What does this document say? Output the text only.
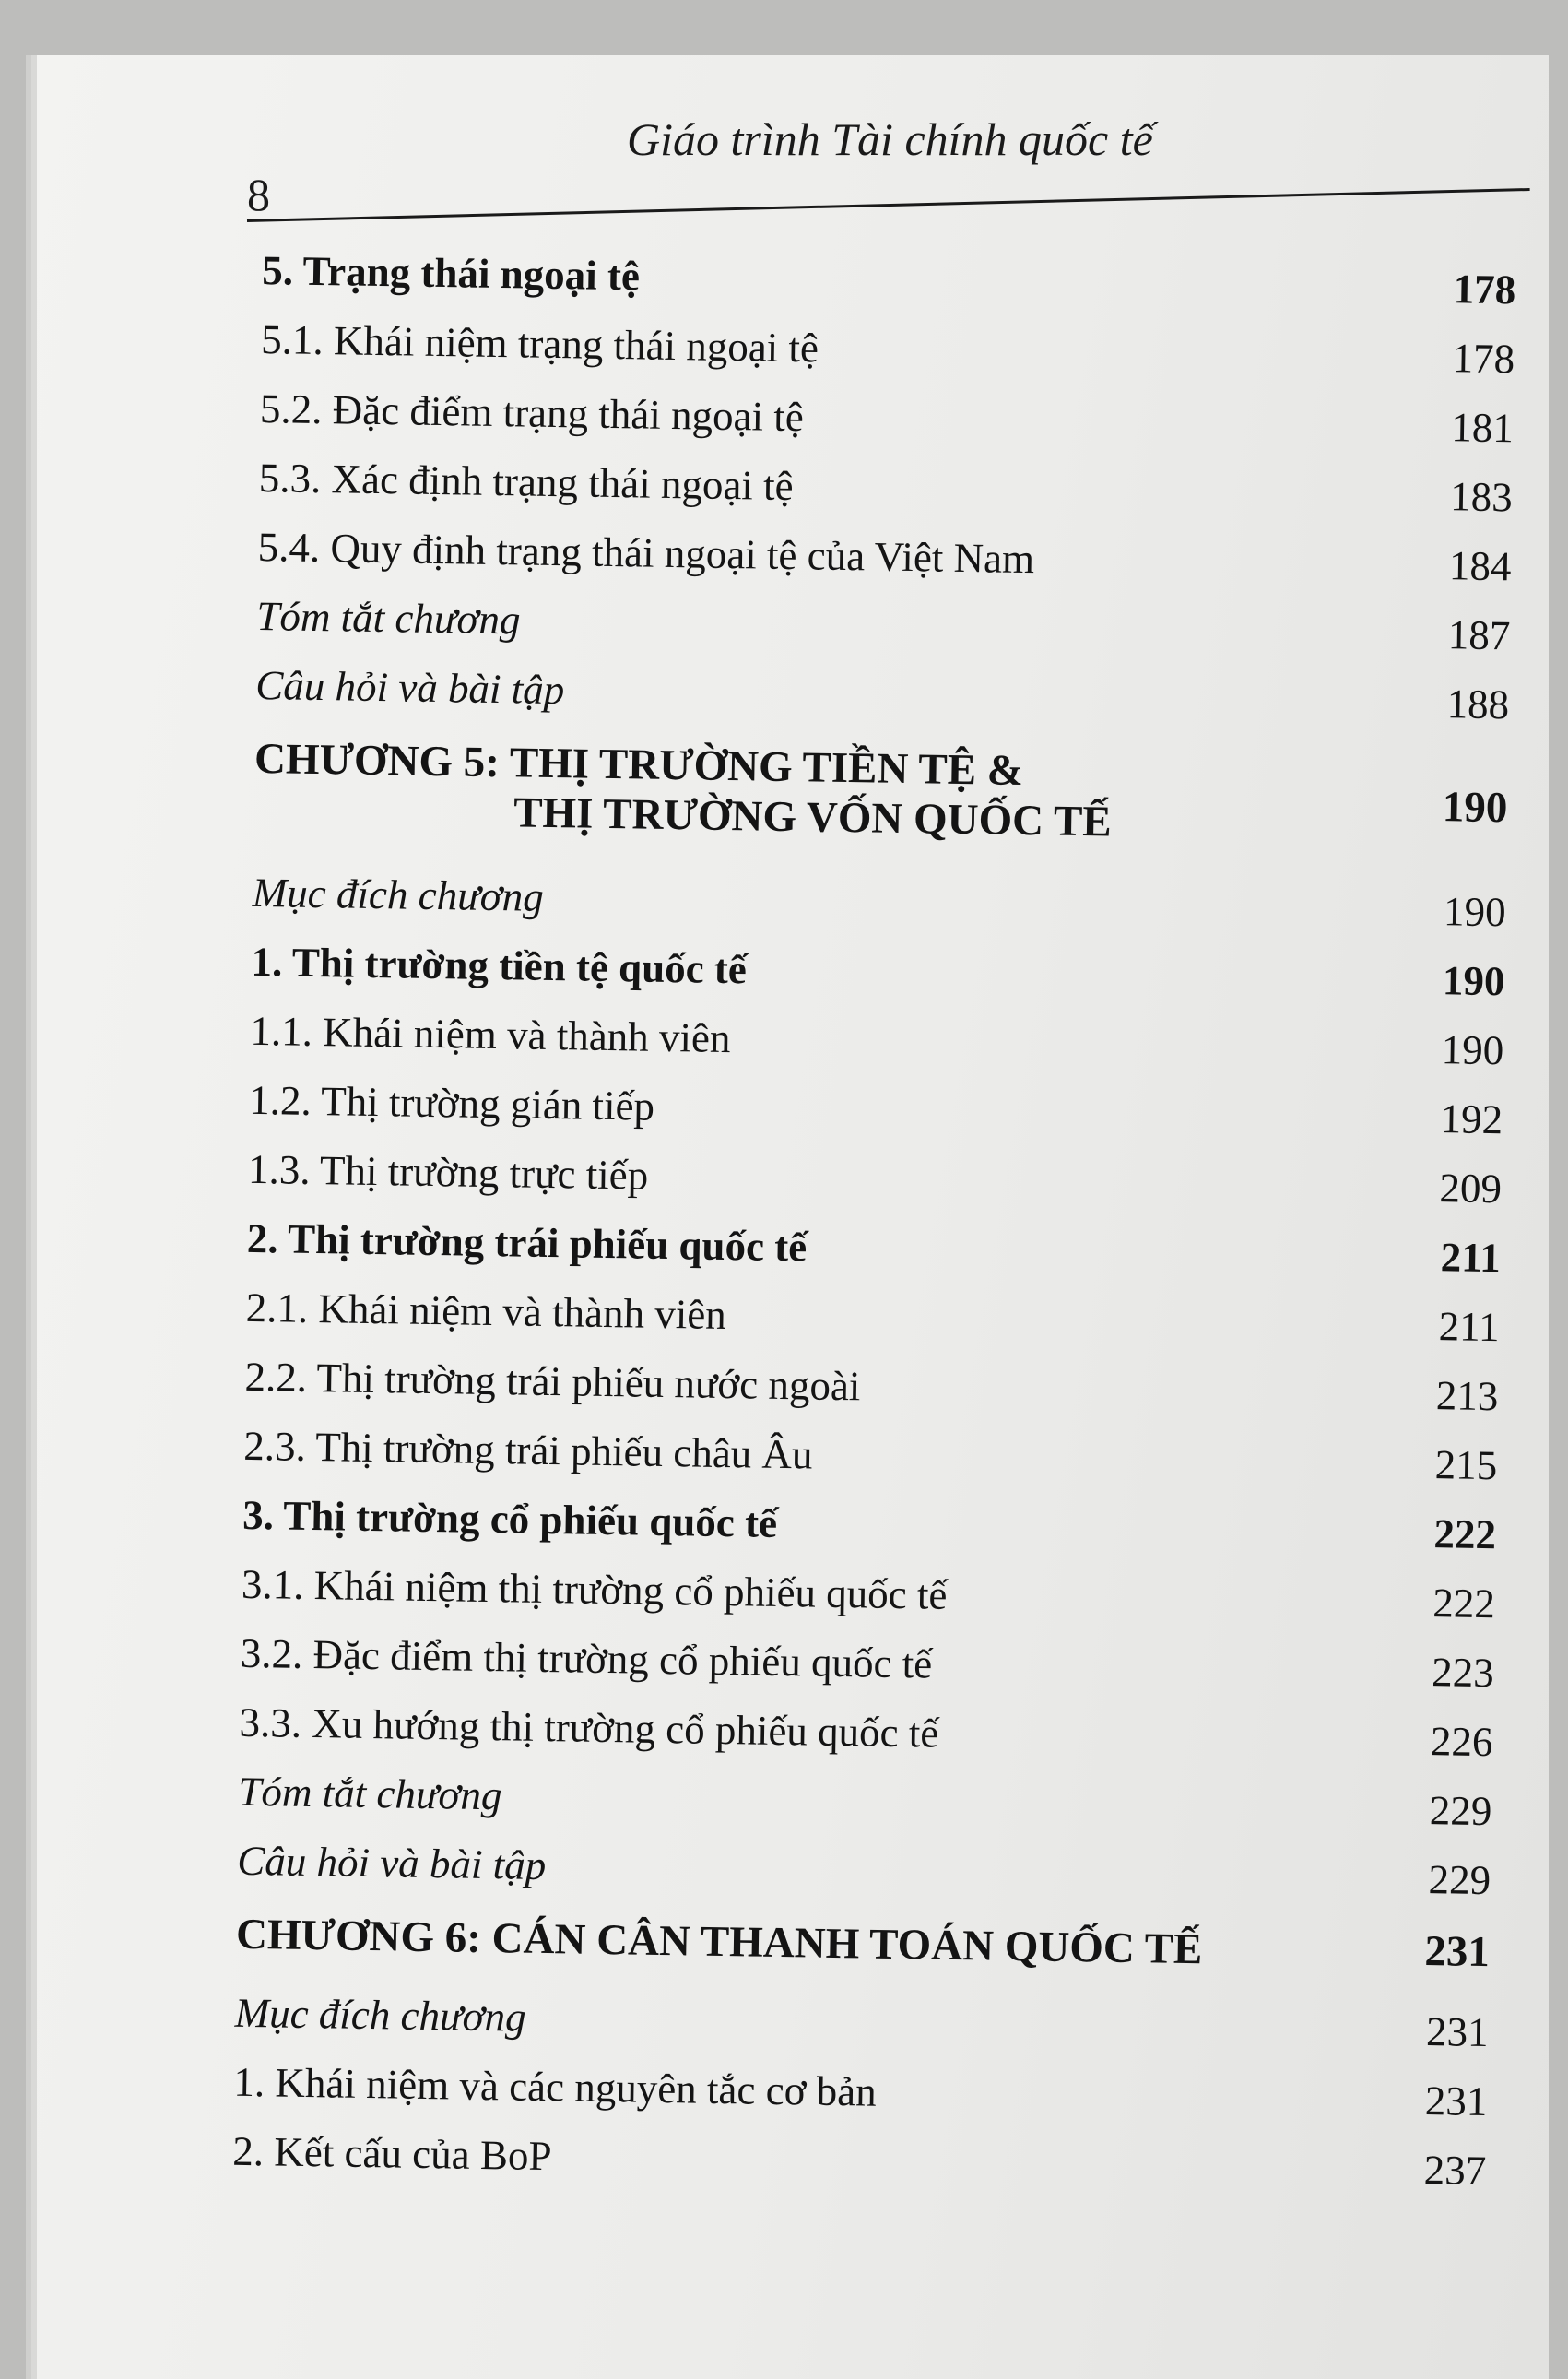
Giáo trình Tài chính quốc tế
8
5. Trạng thái ngoại tệ	178
5.1. Khái niệm trạng thái ngoại tệ	178
5.2. Đặc điểm trạng thái ngoại tệ	181
5.3. Xác định trạng thái ngoại tệ	183
5.4. Quy định trạng thái ngoại tệ của Việt Nam	184
Tóm tắt chương	187
Câu hỏi và bài tập	188
CHƯƠNG 5: THỊ TRƯỜNG TIỀN TỆ &
THỊ TRƯỜNG VỐN QUỐC TẾ	190
Mục đích chương	190
1. Thị trường tiền tệ quốc tế	190
1.1. Khái niệm và thành viên	190
1.2. Thị trường gián tiếp	192
1.3. Thị trường trực tiếp	209
2. Thị trường trái phiếu quốc tế	211
2.1. Khái niệm và thành viên	211
2.2. Thị trường trái phiếu nước ngoài	213
2.3. Thị trường trái phiếu châu Âu	215
3. Thị trường cổ phiếu quốc tế	222
3.1. Khái niệm thị trường cổ phiếu quốc tế	222
3.2. Đặc điểm thị trường cổ phiếu quốc tế	223
3.3. Xu hướng thị trường cổ phiếu quốc tế	226
Tóm tắt chương	229
Câu hỏi và bài tập	229
CHƯƠNG 6: CÁN CÂN THANH TOÁN QUỐC TẾ	231
Mục đích chương	231
1. Khái niệm và các nguyên tắc cơ bản	231
2. Kết cấu của BoP	237
